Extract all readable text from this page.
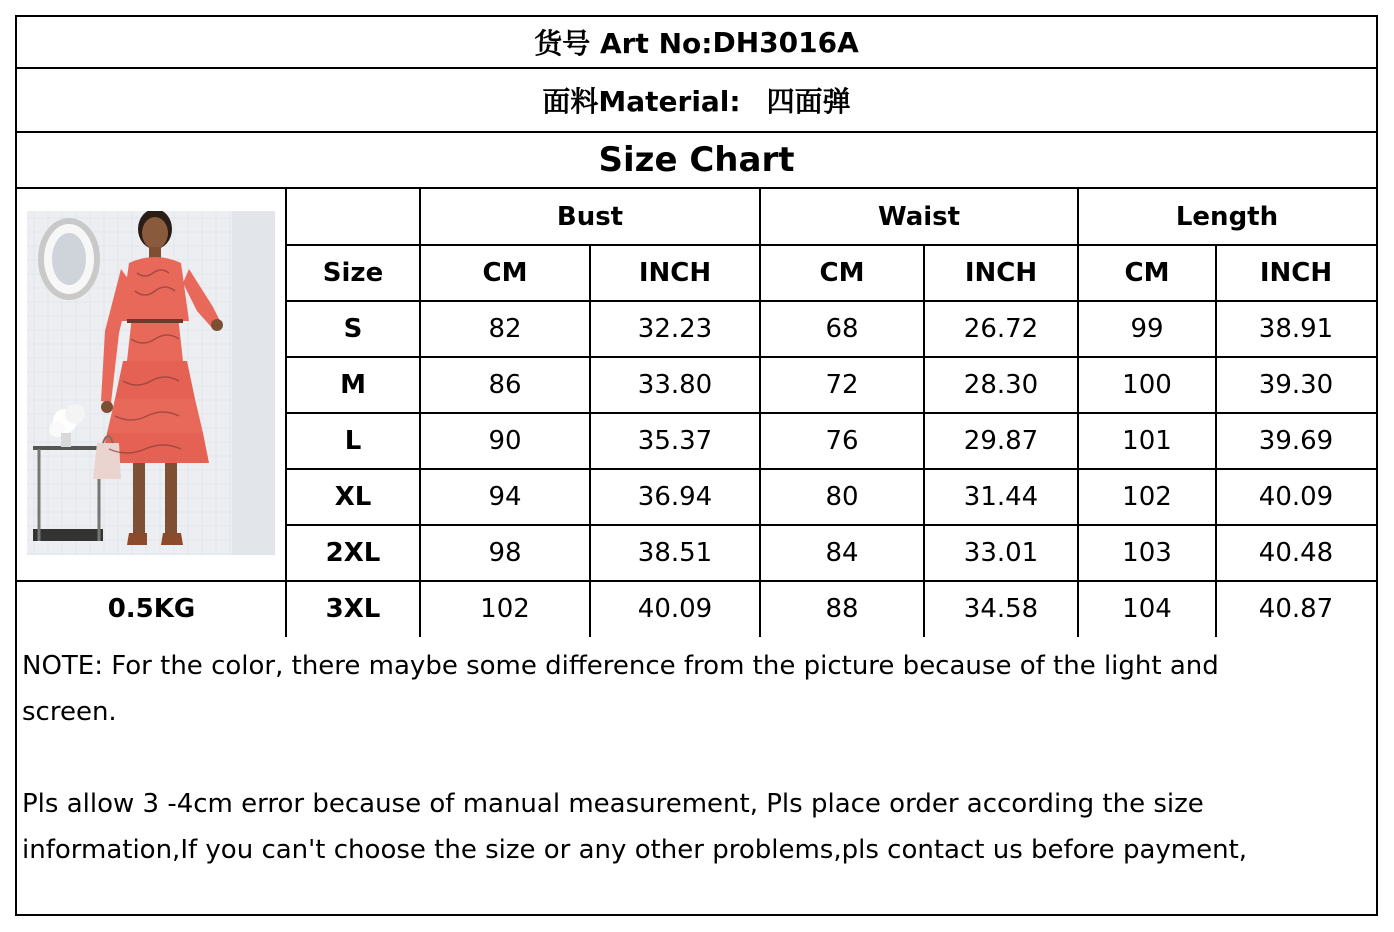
货号 Art No: DH3016A
面料Material: 四面弹
Size Chart
Bust	Waist	Length
Size	CM	INCH	CM	INCH	CM	INCH
S	82	32.23	68	26.72	99	38.91
M	86	33.80	72	28.30	100	39.30
L	90	35.37	76	29.87	101	39.69
XL	94	36.94	80	31.44	102	40.09
2XL	98	38.51	84	33.01	103	40.48
3XL	102	40.09	88	34.58	104	40.87
0.5KG

NOTE: For the color, there maybe some difference from the picture because of the light and

screen.

Pls allow 3 -4cm error because of manual measurement, Pls place order according the size

information,If you can't choose the size or any other problems,pls contact us before payment,
